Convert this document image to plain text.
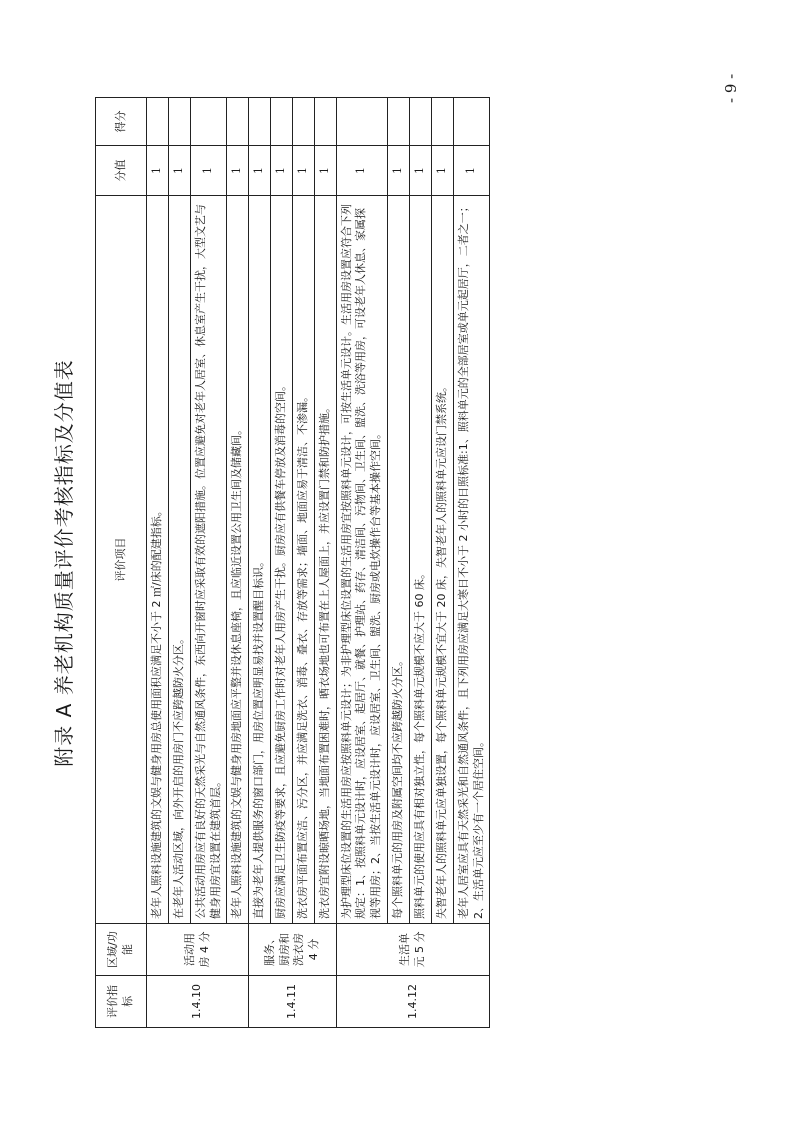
附录 A 养老机构质量评价考核指标及分值表
评价指标	区域/功能	评价项目	分值	得分
1.4.10	活动用房 4 分	老年人照料设施建筑的文娱与健身用房总使用面积应满足不小于 2 ㎡/床的配建指标。	1	
		在老年人活动区域，向外开启的用房门不应跨越防火分区。	1	
		公共活动用房应有良好的天然采光与自然通风条件，东西向开窗时应采取有效的遮阳措施。位置应避免对老年人居室、休息室产生干扰，大型文艺与健身用房宜设置在建筑首层。	1	
		老年人照料设施建筑的文娱与健身用房地面应平整并设休息座椅，且应临近设置公用卫生间及储藏间。	1	
1.4.11	服务、厨房和洗衣房 4 分	直接为老年人提供服务的窗口部门，用房位置应明显易找并设置醒目标识。	1	
		厨房应满足卫生防疫等要求，且应避免厨房工作时对老年人用房产生干扰。厨房应有供餐车停放及消毒的空间。	1	
		洗衣房平面布置应洁、污分区，并应满足洗衣、消毒、叠衣、存放等需求；墙面、地面应易于清洁、不渗漏。	1	
		洗衣房宜附设晾晒场地，当地面布置困难时，晒衣场地也可布置在上人屋面上，并应设置门禁和防护措施。	1	
1.4.12	生活单元 5 分	为护理型床位设置的生活用房应按照料单元设计；为非护理型床位设置的生活用房宜按照料单元设计，可按生活单元设计。生活用房设置应符合下列规定：1、按照料单元设计时，应设居室、起居厅、就餐、护理站、药存、清洁间、污物间、卫生间、盥洗、洗浴等用房，可设老年人休息、家属探视等用房；2、当按生活单元设计时，应设居室、卫生间、盥洗、厨房或电炊操作台等基本操作空间。	1	
		每个照料单元的用房及附属空间均不应跨越防火分区。	1	
		照料单元的使用应具有相对独立性，每个照料单元规模不应大于 60 床。	1	
		失智老年人的照料单元应单独设置，每个照料单元规模不宜大于 20 床，失智老年人的照料单元应设门禁系统。	1	
		老年人居室应具有天然采光和自然通风条件，且下列用房应满足大寒日不小于 2 小时的日照标准:1、照料单元的全部居室或单元起居厅，二者之一；2、生活单元应至少有一个居住空间。	1	
- 9 -
